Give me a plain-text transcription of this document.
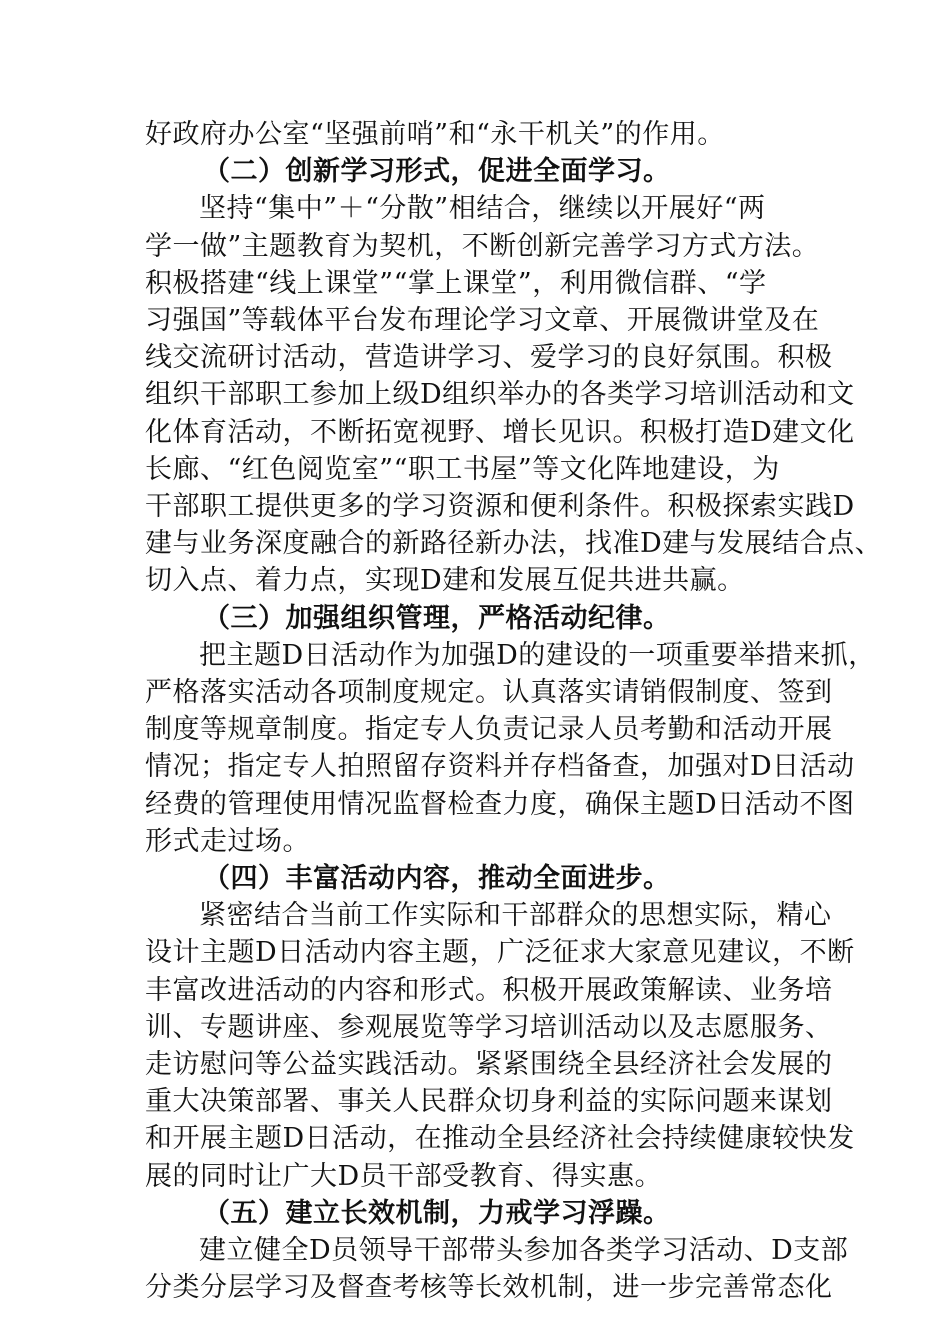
好政府办公室“坚强前哨”和“永干机关”的作用。
（二）创新学习形式，促进全面学习。
坚持“集中”＋“分散”相结合，继续以开展好“两
学一做”主题教育为契机，不断创新完善学习方式方法。
积极搭建“线上课堂”“掌上课堂”，利用微信群、“学
习强国”等载体平台发布理论学习文章、开展微讲堂及在
线交流研讨活动，营造讲学习、爱学习的良好氛围。积极
组织干部职工参加上级D组织举办的各类学习培训活动和文
化体育活动，不断拓宽视野、增长见识。积极打造D建文化
长廊、“红色阅览室”“职工书屋”等文化阵地建设，为
干部职工提供更多的学习资源和便利条件。积极探索实践D
建与业务深度融合的新路径新办法，找准D建与发展结合点、
切入点、着力点，实现D建和发展互促共进共赢。
（三）加强组织管理，严格活动纪律。
把主题D日活动作为加强D的建设的一项重要举措来抓，
严格落实活动各项制度规定。认真落实请销假制度、签到
制度等规章制度。指定专人负责记录人员考勤和活动开展
情况；指定专人拍照留存资料并存档备查，加强对D日活动
经费的管理使用情况监督检查力度，确保主题D日活动不图
形式走过场。
（四）丰富活动内容，推动全面进步。
紧密结合当前工作实际和干部群众的思想实际，精心
设计主题D日活动内容主题，广泛征求大家意见建议，不断
丰富改进活动的内容和形式。积极开展政策解读、业务培
训、专题讲座、参观展览等学习培训活动以及志愿服务、
走访慰问等公益实践活动。紧紧围绕全县经济社会发展的
重大决策部署、事关人民群众切身利益的实际问题来谋划
和开展主题D日活动，在推动全县经济社会持续健康较快发
展的同时让广大D员干部受教育、得实惠。
（五）建立长效机制，力戒学习浮躁。
建立健全D员领导干部带头参加各类学习活动、D支部
分类分层学习及督查考核等长效机制，进一步完善常态化
